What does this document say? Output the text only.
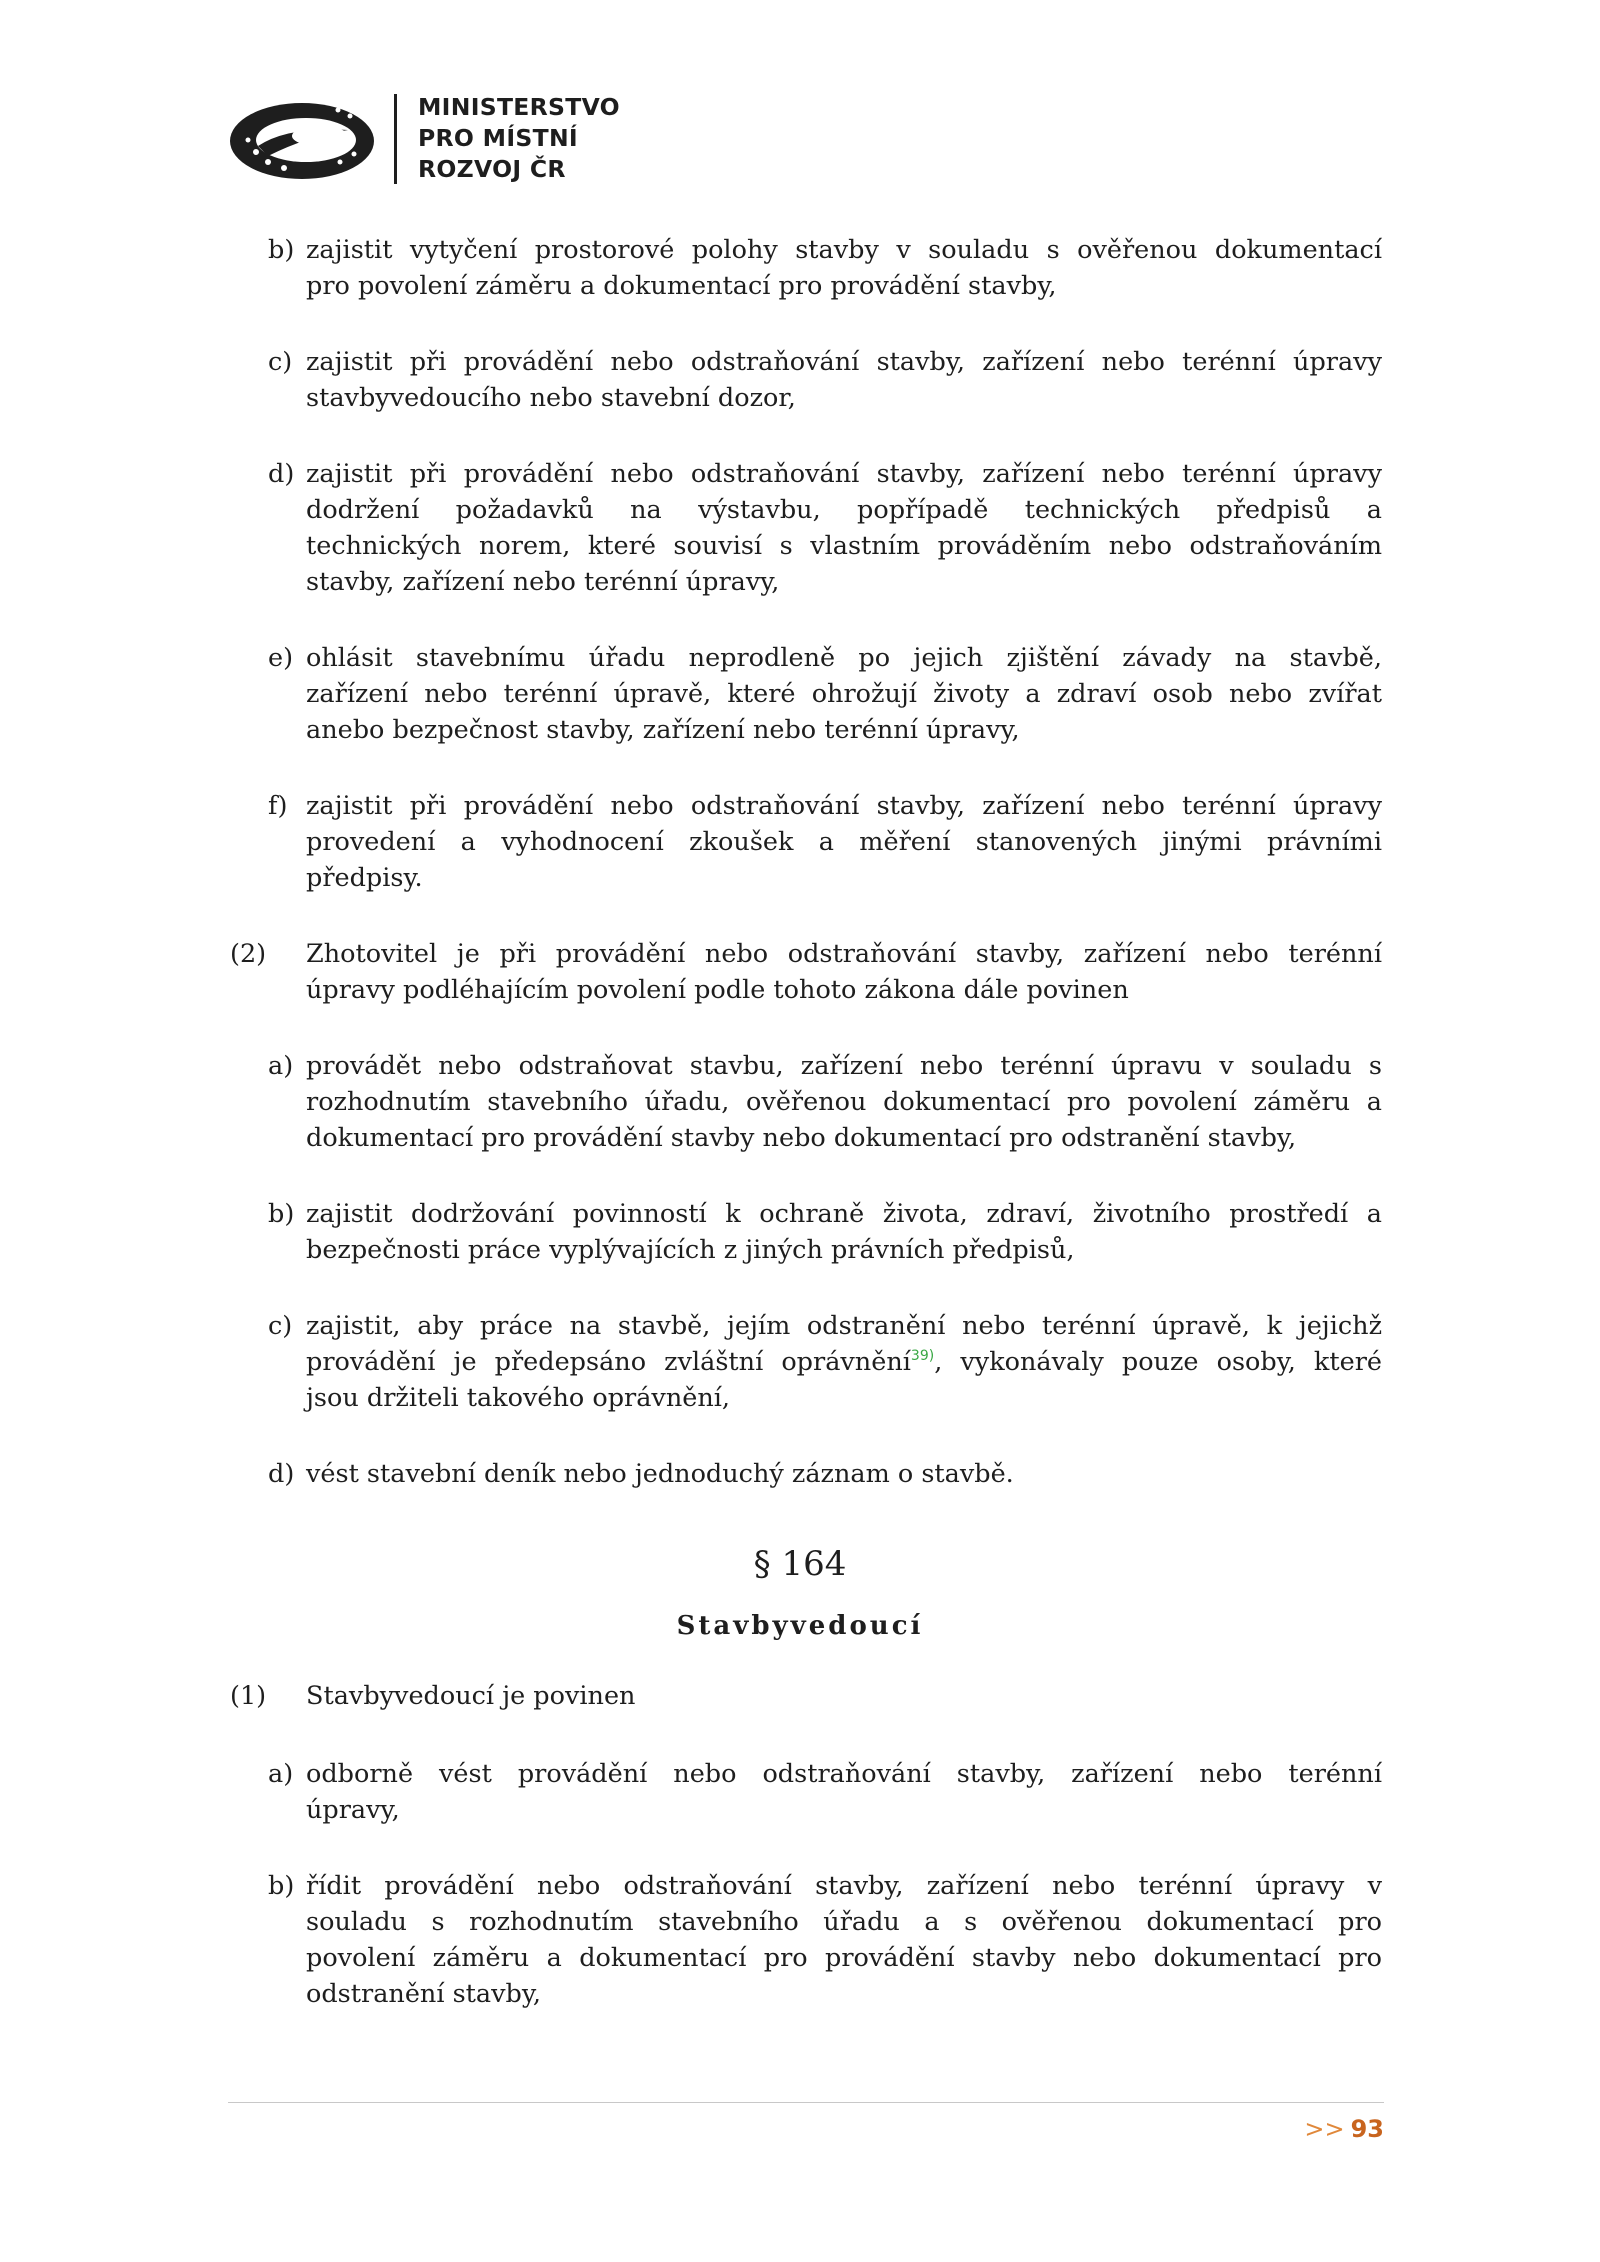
MINISTERSTVO
PRO MÍSTNÍ
ROZVOJ ČR
b) zajistit vytyčení prostorové polohy stavby v souladu s ověřenou dokumentací
pro povolení záměru a dokumentací pro provádění stavby,
c) zajistit při provádění nebo odstraňování stavby, zařízení nebo terénní úpravy
stavbyvedoucího nebo stavební dozor,
d) zajistit při provádění nebo odstraňování stavby, zařízení nebo terénní úpravy
dodržení požadavků na výstavbu, popřípadě technických předpisů a
technických norem, které souvisí s vlastním prováděním nebo odstraňováním
stavby, zařízení nebo terénní úpravy,
e) ohlásit stavebnímu úřadu neprodleně po jejich zjištění závady na stavbě,
zařízení nebo terénní úpravě, které ohrožují životy a zdraví osob nebo zvířat
anebo bezpečnost stavby, zařízení nebo terénní úpravy,
f) zajistit při provádění nebo odstraňování stavby, zařízení nebo terénní úpravy
provedení a vyhodnocení zkoušek a měření stanovených jinými právními
předpisy.
(2) Zhotovitel je při provádění nebo odstraňování stavby, zařízení nebo terénní
úpravy podléhajícím povolení podle tohoto zákona dále povinen
a) provádět nebo odstraňovat stavbu, zařízení nebo terénní úpravu v souladu s
rozhodnutím stavebního úřadu, ověřenou dokumentací pro povolení záměru a
dokumentací pro provádění stavby nebo dokumentací pro odstranění stavby,
b) zajistit dodržování povinností k ochraně života, zdraví, životního prostředí a
bezpečnosti práce vyplývajících z jiných právních předpisů,
c) zajistit, aby práce na stavbě, jejím odstranění nebo terénní úpravě, k jejichž
provádění je předepsáno zvláštní oprávnění$^{39)}$, vykonávaly pouze osoby, které
jsou držiteli takového oprávnění,
d) vést stavební deník nebo jednoduchý záznam o stavbě.
§ 164
Stavbyvedoucí
(1) Stavbyvedoucí je povinen
a) odborně vést provádění nebo odstraňování stavby, zařízení nebo terénní
úpravy,
b) řídit provádění nebo odstraňování stavby, zařízení nebo terénní úpravy v
souladu s rozhodnutím stavebního úřadu a s ověřenou dokumentací pro
povolení záměru a dokumentací pro provádění stavby nebo dokumentací pro
odstranění stavby,
>> 93
